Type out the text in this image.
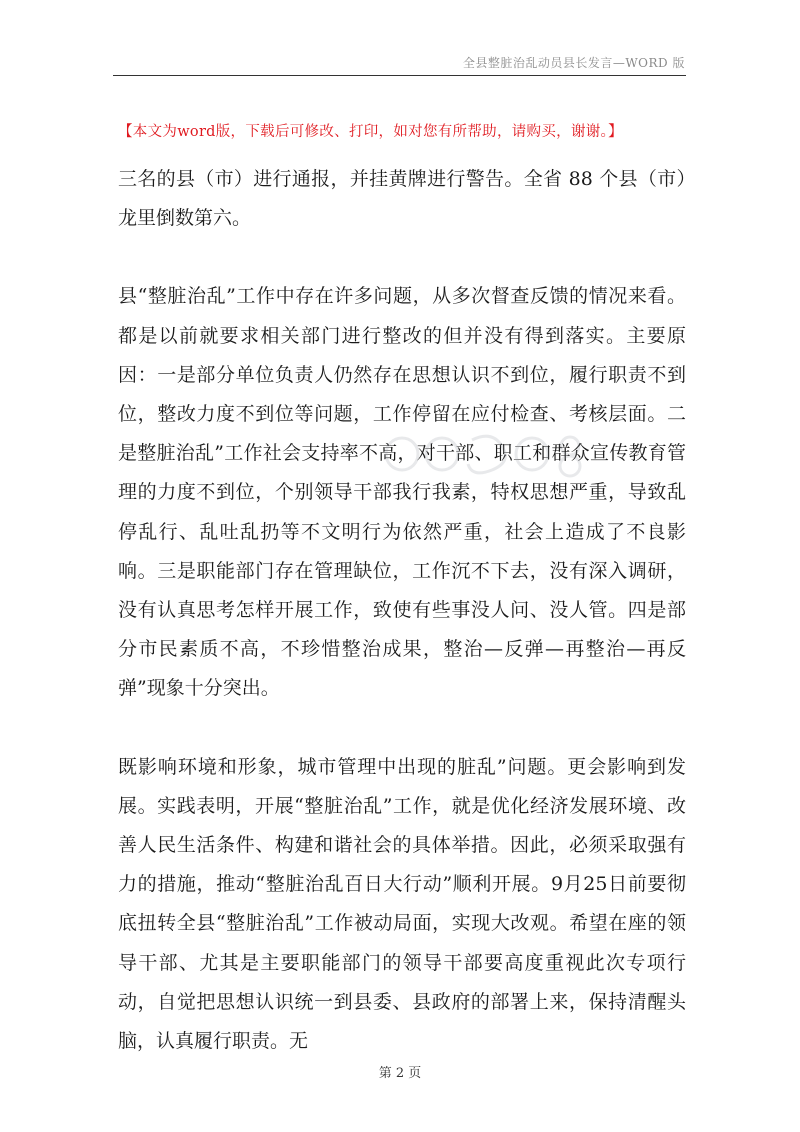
全县整脏治乱动员县长发言—WORD 版
【本文为word版，下载后可修改、打印，如对您有所帮助，请购买，谢谢。】

三名的县（市）进行通报，并挂黄牌进行警告。全省 88 个县（市）龙里倒数第六。

县“整脏治乱”工作中存在许多问题，从多次督查反馈的情况来看。都是以前就要求相关部门进行整改的但并没有得到落实。主要原因：一是部分单位负责人仍然存在思想认识不到位，履行职责不到位，整改力度不到位等问题，工作停留在应付检查、考核层面。二是整脏治乱”工作社会支持率不高，对干部、职工和群众宣传教育管理的力度不到位，个别领导干部我行我素，特权思想严重，导致乱停乱行、乱吐乱扔等不文明行为依然严重，社会上造成了不良影响。三是职能部门存在管理缺位，工作沉不下去，没有深入调研，没有认真思考怎样开展工作，致使有些事没人问、没人管。四是部分市民素质不高，不珍惜整治成果，整治—反弹—再整治—再反弹”现象十分突出。

既影响环境和形象，城市管理中出现的脏乱”问题。更会影响到发展。实践表明，开展“整脏治乱”工作，就是优化经济发展环境、改善人民生活条件、构建和谐社会的具体举措。因此，必须采取强有力的措施，推动“整脏治乱百日大行动”顺利开展。9月25日前要彻底扭转全县“整脏治乱”工作被动局面，实现大改观。希望在座的领导干部、尤其是主要职能部门的领导干部要高度重视此次专项行动，自觉把思想认识统一到县委、县政府的部署上来，保持清醒头脑，认真履行职责。无

第 2 页
